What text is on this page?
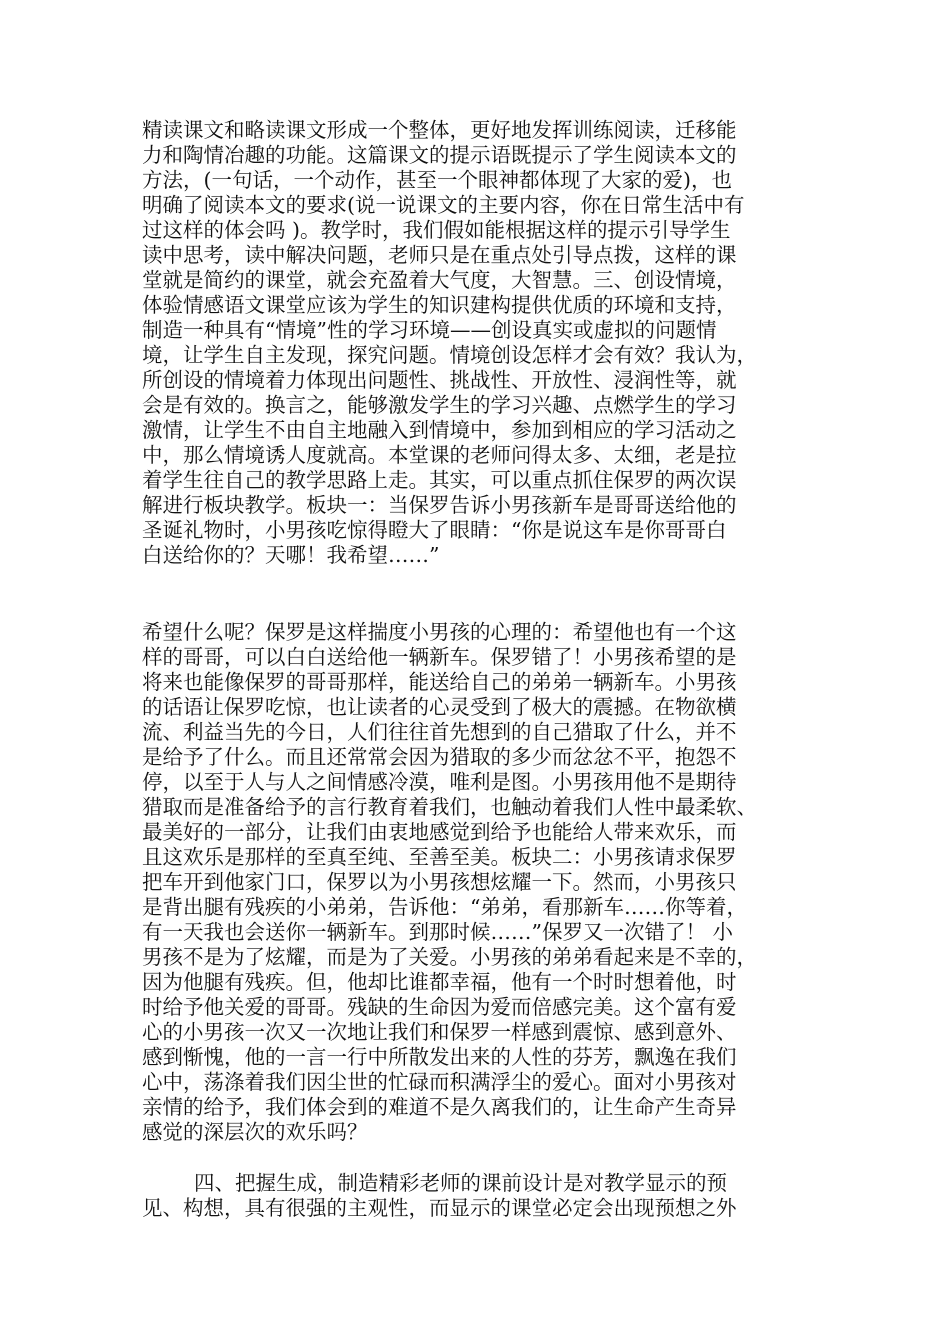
精读课文和略读课文形成一个整体，更好地发挥训练阅读，迁移能
力和陶情冶趣的功能。这篇课文的提示语既提示了学生阅读本文的
方法，(一句话，一个动作，甚至一个眼神都体现了大家的爱)，也
明确了阅读本文的要求(说一说课文的主要内容，你在日常生活中有
过这样的体会吗 )。教学时，我们假如能根据这样的提示引导学生
读中思考，读中解决问题，老师只是在重点处引导点拨，这样的课
堂就是简约的课堂，就会充盈着大气度，大智慧。三、创设情境，
体验情感语文课堂应该为学生的知识建构提供优质的环境和支持，
制造一种具有“情境”性的学习环境——创设真实或虚拟的问题情
境，让学生自主发现，探究问题。情境创设怎样才会有效？我认为，
所创设的情境着力体现出问题性、挑战性、开放性、浸润性等，就
会是有效的。换言之，能够激发学生的学习兴趣、点燃学生的学习
激情，让学生不由自主地融入到情境中，参加到相应的学习活动之
中，那么情境诱人度就高。本堂课的老师问得太多、太细，老是拉
着学生往自己的教学思路上走。其实，可以重点抓住保罗的两次误
解进行板块教学。板块一：当保罗告诉小男孩新车是哥哥送给他的
圣诞礼物时，小男孩吃惊得瞪大了眼睛：“你是说这车是你哥哥白
白送给你的？天哪！我希望……”
希望什么呢？保罗是这样揣度小男孩的心理的：希望他也有一个这
样的哥哥，可以白白送给他一辆新车。保罗错了！小男孩希望的是
将来也能像保罗的哥哥那样，能送给自己的弟弟一辆新车。小男孩
的话语让保罗吃惊，也让读者的心灵受到了极大的震撼。在物欲横
流、利益当先的今日，人们往往首先想到的自己猎取了什么，并不
是给予了什么。而且还常常会因为猎取的多少而忿忿不平，抱怨不
停，以至于人与人之间情感冷漠，唯利是图。小男孩用他不是期待
猎取而是准备给予的言行教育着我们，也触动着我们人性中最柔软、
最美好的一部分，让我们由衷地感觉到给予也能给人带来欢乐，而
且这欢乐是那样的至真至纯、至善至美。板块二：小男孩请求保罗
把车开到他家门口，保罗以为小男孩想炫耀一下。然而，小男孩只
是背出腿有残疾的小弟弟，告诉他：“弟弟，看那新车……你等着，
有一天我也会送你一辆新车。到那时候……”保罗又一次错了！ 小
男孩不是为了炫耀，而是为了关爱。小男孩的弟弟看起来是不幸的，
因为他腿有残疾。但，他却比谁都幸福，他有一个时时想着他，时
时给予他关爱的哥哥。残缺的生命因为爱而倍感完美。这个富有爱
心的小男孩一次又一次地让我们和保罗一样感到震惊、感到意外、
感到惭愧，他的一言一行中所散发出来的人性的芬芳，飘逸在我们
心中，荡涤着我们因尘世的忙碌而积满浮尘的爱心。面对小男孩对
亲情的给予，我们体会到的难道不是久离我们的，让生命产生奇异
感觉的深层次的欢乐吗？
四、把握生成，制造精彩老师的课前设计是对教学显示的预
见、构想，具有很强的主观性，而显示的课堂必定会出现预想之外
